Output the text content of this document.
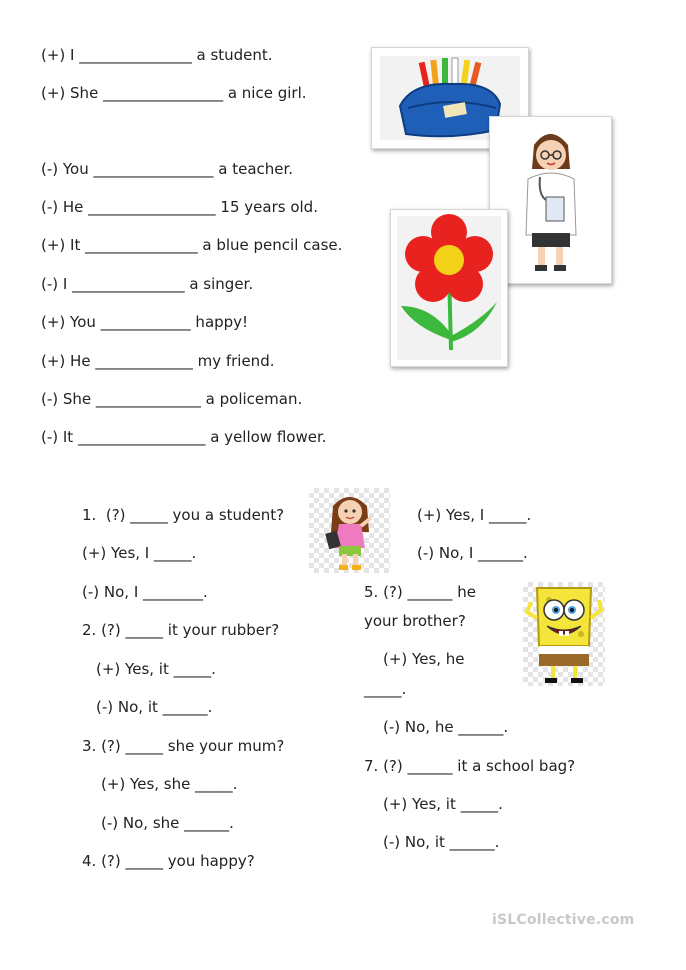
(+) I _______________ a student.
(+) She ________________ a nice girl.
(-) You ________________ a teacher.
(-) He _________________ 15 years old.
(+) It _______________ a blue pencil case.
(-) I _______________ a singer.
(+) You ____________ happy!
(+) He _____________ my friend.
(-) She ______________ a policeman.
(-) It _________________ a yellow flower.
1.  (?) _____ you a student?
(+) Yes, I _____.
(-) No, I ________.
2. (?) _____ it your rubber?
(+) Yes, it _____.
(-) No, it ______.
3. (?) _____ she your mum?
(+) Yes, she _____.
(-) No, she ______.
4. (?) _____ you happy?
(+) Yes, I _____.
(-) No, I ______.
5. (?) ______ he
your brother?
(+) Yes, he
_____.
(-) No, he ______.
7. (?) ______ it a school bag?
(+) Yes, it _____.
(-) No, it ______.
iSLCollective.com
